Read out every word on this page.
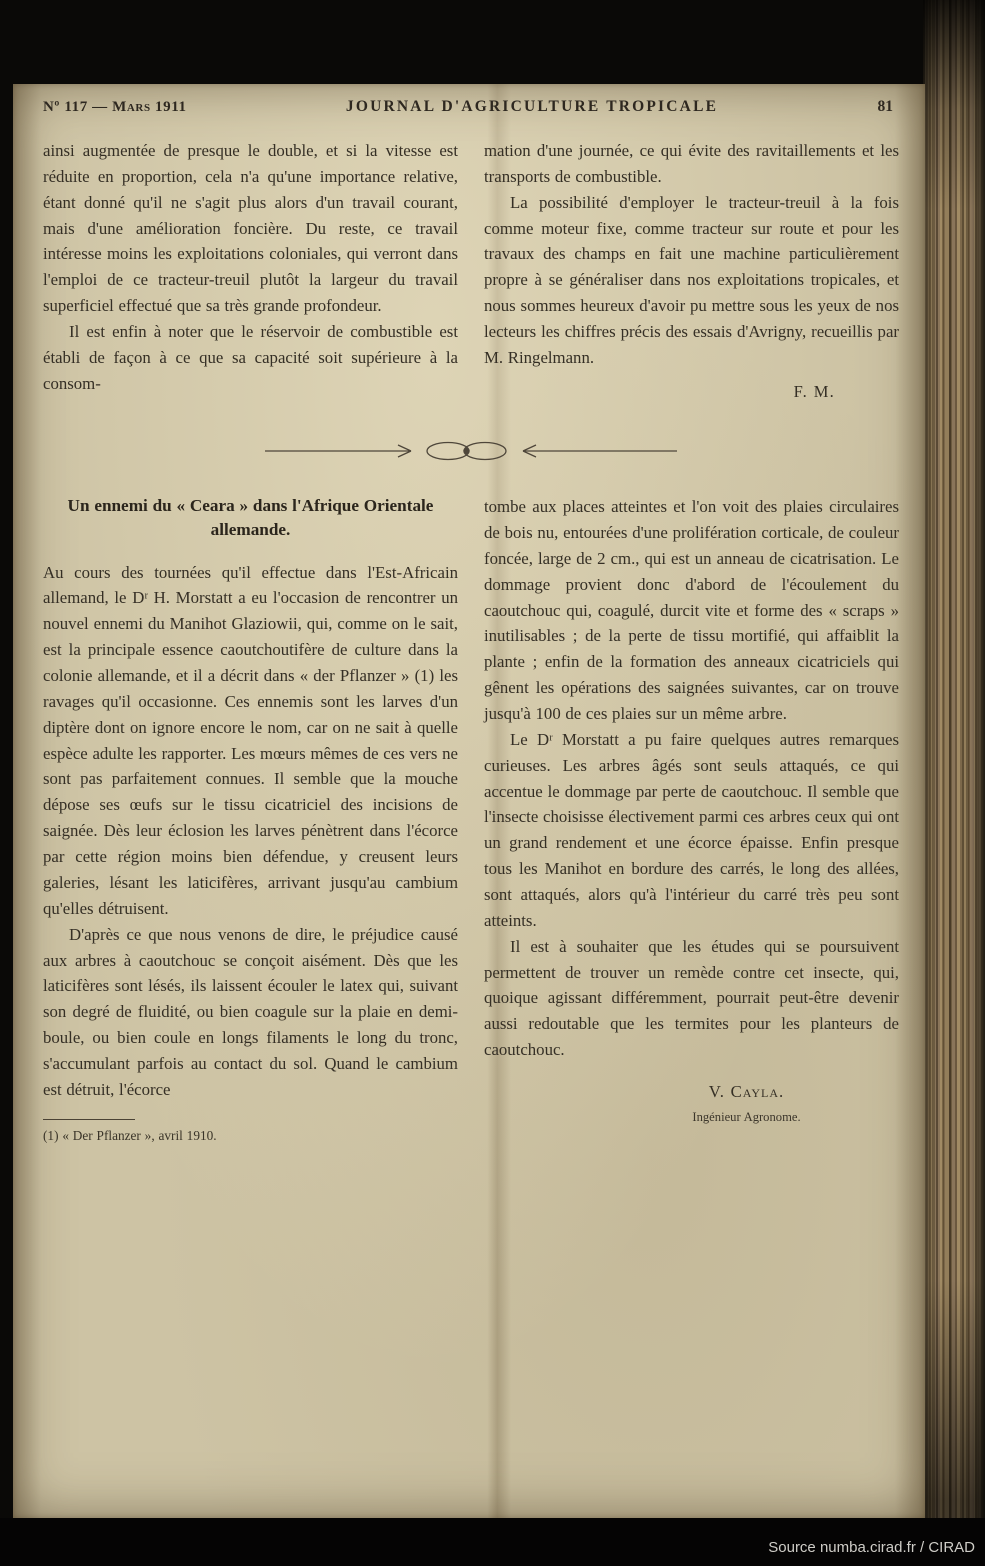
Nº 117 — Mars 1911	JOURNAL D'AGRICULTURE TROPICALE	81

ainsi augmentée de presque le double, et si la vitesse est réduite en proportion, cela n'a qu'une importance relative, étant donné qu'il ne s'agit plus alors d'un travail courant, mais d'une amélioration foncière. Du reste, ce travail intéresse moins les exploitations coloniales, qui verront dans l'emploi de ce tracteur-treuil plutôt la largeur du travail superficiel effectué que sa très grande profondeur.

Il est enfin à noter que le réservoir de combustible est établi de façon à ce que sa capacité soit supérieure à la consom-

mation d'une journée, ce qui évite des ravitaillements et les transports de combustible.

La possibilité d'employer le tracteur-treuil à la fois comme moteur fixe, comme tracteur sur route et pour les travaux des champs en fait une machine particulièrement propre à se généraliser dans nos exploitations tropicales, et nous sommes heureux d'avoir pu mettre sous les yeux de nos lecteurs les chiffres précis des essais d'Avrigny, recueillis par M. Ringelmann.

F. M.
Un ennemi du « Ceara » dans l'Afrique Orientale allemande.

Au cours des tournées qu'il effectue dans l'Est-Africain allemand, le Dʳ H. Morstatt a eu l'occasion de rencontrer un nouvel ennemi du Manihot Glaziowii, qui, comme on le sait, est la principale essence caoutchoutifère de culture dans la colonie allemande, et il a décrit dans « der Pflanzer » (1) les ravages qu'il occasionne. Ces ennemis sont les larves d'un diptère dont on ignore encore le nom, car on ne sait à quelle espèce adulte les rapporter. Les mœurs mêmes de ces vers ne sont pas parfaitement connues. Il semble que la mouche dépose ses œufs sur le tissu cicatriciel des incisions de saignée. Dès leur éclosion les larves pénètrent dans l'écorce par cette région moins bien défendue, y creusent leurs galeries, lésant les laticifères, arrivant jusqu'au cambium qu'elles détruisent.

D'après ce que nous venons de dire, le préjudice causé aux arbres à caoutchouc se conçoit aisément. Dès que les laticifères sont lésés, ils laissent écouler le latex qui, suivant son degré de fluidité, ou bien coagule sur la plaie en demi-boule, ou bien coule en longs filaments le long du tronc, s'accumulant parfois au contact du sol. Quand le cambium est détruit, l'écorce

(1) « Der Pflanzer », avril 1910.

tombe aux places atteintes et l'on voit des plaies circulaires de bois nu, entourées d'une prolifération corticale, de couleur foncée, large de 2 cm., qui est un anneau de cicatrisation. Le dommage provient donc d'abord de l'écoulement du caoutchouc qui, coagulé, durcit vite et forme des « scraps » inutilisables ; de la perte de tissu mortifié, qui affaiblit la plante ; enfin de la formation des anneaux cicatriciels qui gênent les opérations des saignées suivantes, car on trouve jusqu'à 100 de ces plaies sur un même arbre.

Le Dʳ Morstatt a pu faire quelques autres remarques curieuses. Les arbres âgés sont seuls attaqués, ce qui accentue le dommage par perte de caoutchouc. Il semble que l'insecte choisisse électivement parmi ces arbres ceux qui ont un grand rendement et une écorce épaisse. Enfin presque tous les Manihot en bordure des carrés, le long des allées, sont attaqués, alors qu'à l'intérieur du carré très peu sont atteints.

Il est à souhaiter que les études qui se poursuivent permettent de trouver un remède contre cet insecte, qui, quoique agissant différemment, pourrait peut-être devenir aussi redoutable que les termites pour les planteurs de caoutchouc.

V. Cayla.
Ingénieur Agronome.
Source numba.cirad.fr / CIRAD
